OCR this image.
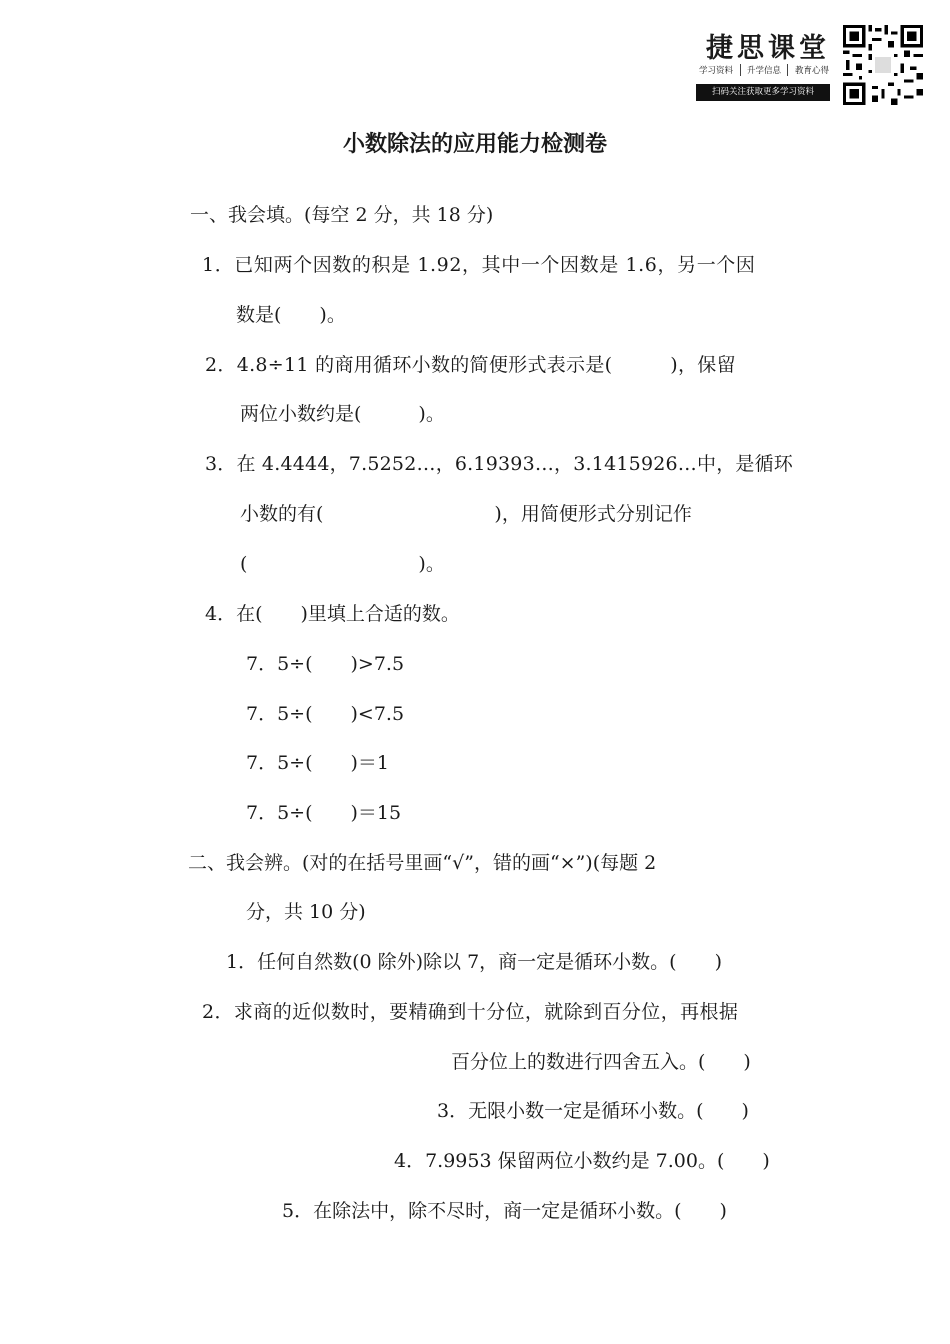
捷思课堂
学习资料	升学信息	教育心得
扫码关注获取更多学习资料
小数除法的应用能力检测卷
一、我会填。(每空 2 分，共 18 分)
1．已知两个因数的积是 1.92，其中一个因数是 1.6，另一个因
数是(　　)。
2．4.8÷11 的商用循环小数的简便形式表示是(　　　)，保留
两位小数约是(　　　)。
3．在 4.4444，7.5252…，6.19393…，3.1415926…中，是循环
小数的有(　　　　　　　　　)，用简便形式分别记作
(　　　　　　　　　)。
4．在(　　)里填上合适的数。
7．5÷(　　)>7.5
7．5÷(　　)<7.5
7．5÷(　　)＝1
7．5÷(　　)＝15
二、我会辨。(对的在括号里画“√”，错的画“×”)(每题 2
分，共 10 分)
1．任何自然数(0 除外)除以 7，商一定是循环小数。(　　)
2．求商的近似数时，要精确到十分位，就除到百分位，再根据
百分位上的数进行四舍五入。(　　)
3．无限小数一定是循环小数。(　　)
4．7.9953 保留两位小数约是 7.00。(　　)
5．在除法中，除不尽时，商一定是循环小数。(　　)
